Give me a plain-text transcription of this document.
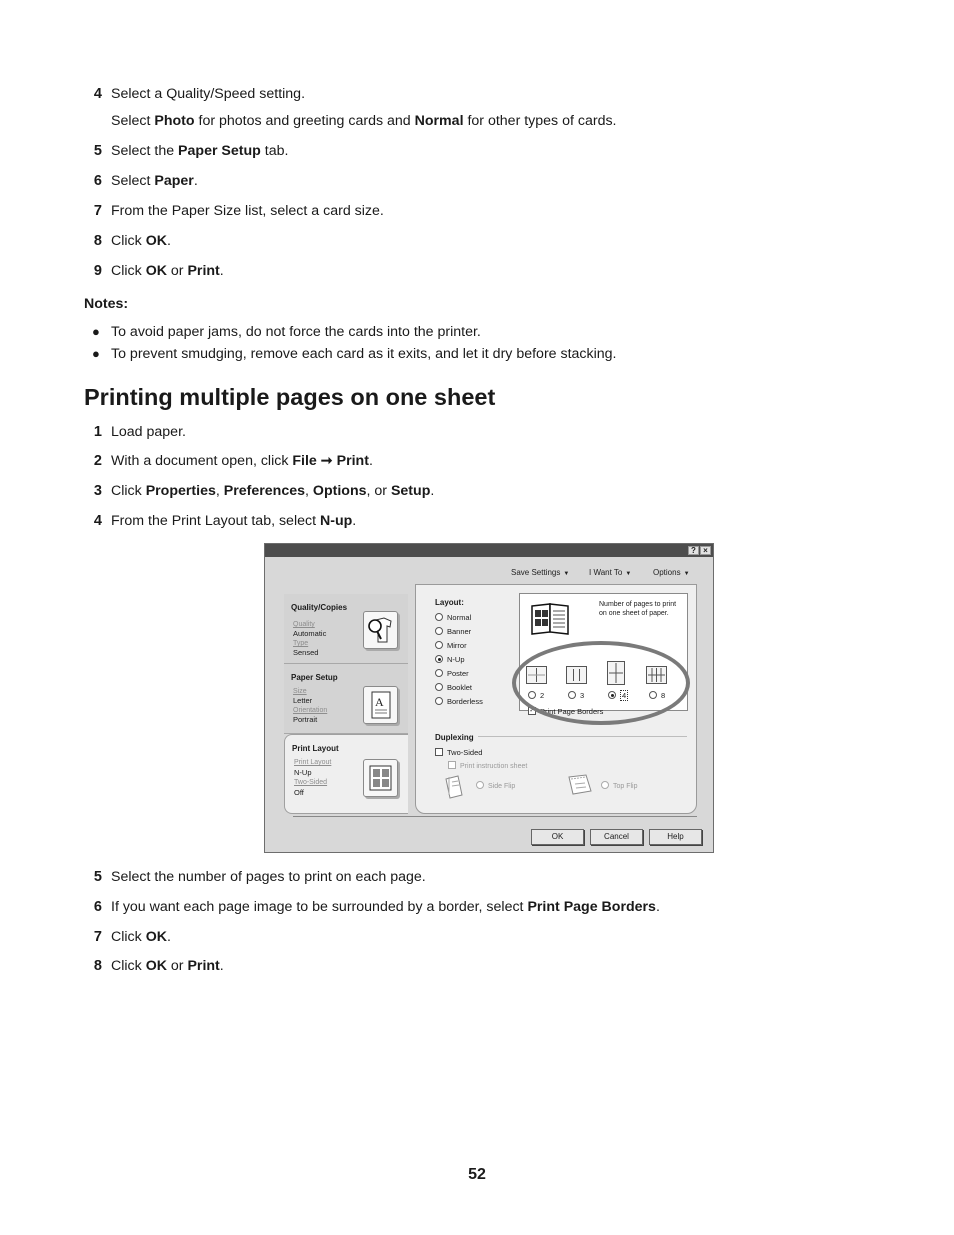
4 Select a Quality/Speed setting.
Select Photo for photos and greeting cards and Normal for other types of cards.
5 Select the Paper Setup tab.
6 Select Paper.
7 From the Paper Size list, select a card size.
8 Click OK.
9 Click OK or Print.
Notes:
● To avoid paper jams, do not force the cards into the printer.
● To prevent smudging, remove each card as it exits, and let it dry before stacking.
Printing multiple pages on one sheet
1 Load paper.
2 With a document open, click File ➞ Print.
3 Click Properties, Preferences, Options, or Setup.
4 From the Print Layout tab, select N-up.
? ×
Save Settings ▼ I Want To ▼	Options ▼
Quality/Copies
Quality
Automatic
Type
Sensed
Paper Setup
Size
Letter
Orientation
Portrait
A
Print Layout
Print Layout
N-Up
Two-Sided
Off
Layout:
Normal
Banner
Mirror
N-Up
Poster
Booklet
Borderless
Number of pages to print on one sheet of paper.
2	3	4	8
✓ Print Page Borders
Duplexing
Two-Sided
Print instruction sheet
Side Flip	Top Flip
OK	Cancel	Help
5 Select the number of pages to print on each page.
6 If you want each page image to be surrounded by a border, select Print Page Borders.
7 Click OK.
8 Click OK or Print.
52
